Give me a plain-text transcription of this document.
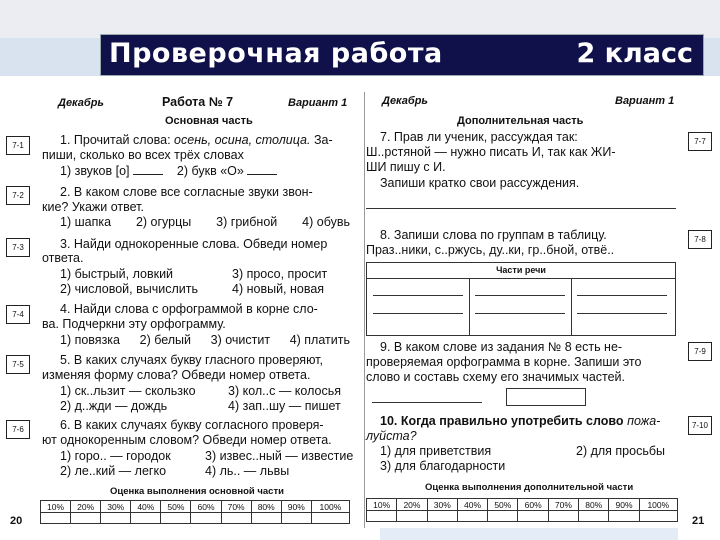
Проверочная работа	2 класс
Декабрь	Работа № 7	Вариант 1
Основная часть
7-1
7-2
7-3
7-4
7-5
7-6
1. Прочитай слова: осень, осина, столица. За-
пиши, сколько во всех трёх словах
1) звуков [о]	2) букв «О»
2. В каком слове все согласные звуки звон-
кие? Укажи ответ.
1) шапка 2) огурцы 3) грибной 4) обувь
3. Найди однокоренные слова. Обведи номер
ответа.
1) быстрый, ловкий	3) просо, просит
2) числовой, вычислить	4) новый, новая
4. Найди слова с орфограммой в корне сло-
ва. Подчеркни эту орфограмму.
1) повязка 2) белый 3) очистит 4) платить
5. В каких случаях букву гласного проверяют,
изменяя форму слова? Обведи номер ответа.
1) ск..льзит — скользко	3) кол..с — колосья
2) д..жди — дождь	4) зап..шу — пишет
6. В каких случаях букву согласного проверя-
ют однокоренным словом? Обведи номер ответа.
1) горо.. — городок	3) извес..ный — известие
2) ле..кий — легко	4) ль.. — львы
Оценка выполнения основной части
10%	20%	30%	40%	50%	60%	70%	80%	90%	100%

20
Декабрь	Вариант 1
Дополнительная часть
7-7
7-8
7-9
7-10
7. Прав ли ученик, рассуждая так:
Ш..рстяной — нужно писать И, так как ЖИ-
ШИ пишу с И.
Запиши кратко свои рассуждения.
8. Запиши слова по группам в таблицу.
Праз..ники, с..ржусь, ду..ки, гр..бной, отвё..
Части речи
9. В каком слове из задания № 8 есть не-
проверяемая орфограмма в корне. Запиши это
слово и составь схему его значимых частей.
10. Когда правильно употребить слово пожа-
луйста?
1) для приветствия	2) для просьбы
3) для благодарности
Оценка выполнения дополнительной части
10%	20%	30%	40%	50%	60%	70%	80%	90%	100%

21
